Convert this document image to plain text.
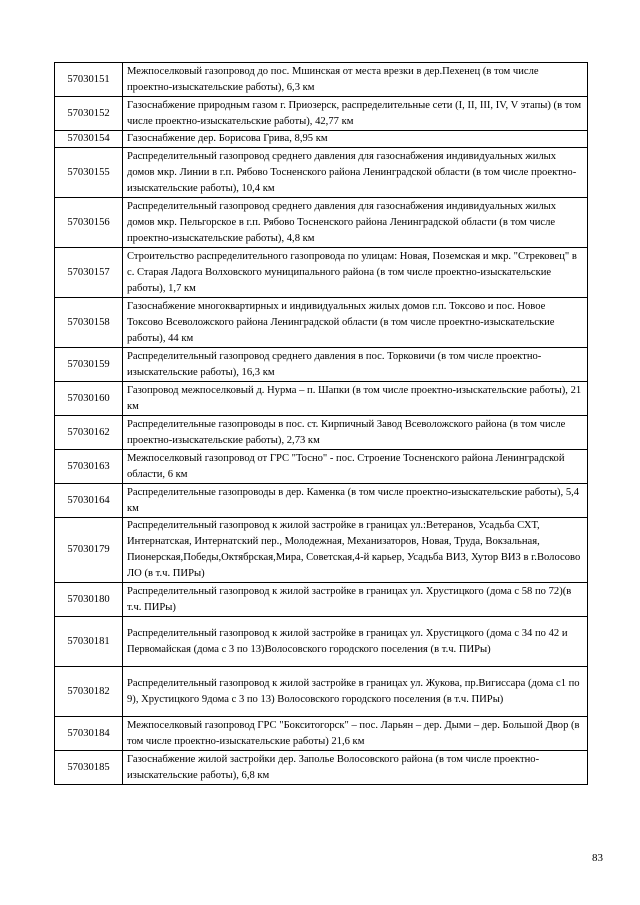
57030151	Межпоселковый газопровод до пос. Мшинская от места врезки в дер.Пехенец (в том числе проектно-изыскательские работы), 6,3 км
57030152	Газоснабжение природным газом г. Приозерск, распределительные сети (I, II, III, IV, V этапы) (в том числе проектно-изыскательские работы), 42,77 км
57030154	Газоснабжение дер. Борисова Грива, 8,95 км
57030155	Распределительный газопровод среднего давления для газоснабжения индивидуальных жилых домов мкр. Линии в г.п. Рябово Тосненского района Ленинградской области (в том числе проектно-изыскательские работы), 10,4 км
57030156	Распределительный газопровод среднего давления для газоснабжения индивидуальных жилых домов мкр. Пельгорское в г.п. Рябово Тосненского района Ленинградской области (в том числе проектно-изыскательские работы), 4,8 км
57030157	Строительство распределительного газопровода по улицам: Новая, Поземская и мкр. "Стрековец" в с. Старая Ладога Волховского муниципального района (в том числе проектно-изыскательские работы), 1,7 км
57030158	Газоснабжение многоквартирных и индивидуальных жилых домов г.п. Токсово и пос. Новое Токсово Всеволожского района Ленинградской области (в том числе проектно-изыскательские работы), 44 км
57030159	Распределительный газопровод среднего давления в пос. Торковичи (в том числе проектно-изыскательские работы), 16,3 км
57030160	Газопровод межпоселковый д. Нурма – п. Шапки (в том числе проектно-изыскательские работы), 21 км
57030162	Распределительные газопроводы в пос. ст. Кирпичный Завод Всеволожского района (в том числе проектно-изыскательские работы), 2,73 км
57030163	Межпоселковый газопровод от ГРС "Тосно" - пос. Строение Тосненского района Ленинградской области, 6 км
57030164	Распределительные газопроводы в дер. Каменка (в том числе проектно-изыскательские работы), 5,4 км
57030179	Распределительный газопровод к жилой застройке в границах ул.:Ветеранов, Усадьба СХТ, Интернатская, Интернатский пер., Молодежная, Механизаторов, Новая, Труда, Вокзальная, Пионерская,Победы,Октябрская,Мира, Советская,4-й карьер, Усадьба ВИЗ, Хутор ВИЗ в г.Волосово ЛО (в т.ч. ПИРы)
57030180	Распределительный газопровод к жилой застройке в границах ул. Хрустицкого (дома с 58 по 72)(в т.ч. ПИРы)
57030181	Распределительный газопровод к жилой застройке в границах ул. Хрустицкого (дома с 34 по 42 и Первомайская (дома с 3 по 13)Волосовского городского поселения (в т.ч. ПИРы)
57030182	Распределительный газопровод к жилой застройке в границах ул. Жукова, пр.Вигиссара (дома с1 по 9), Хрустицкого 9дома с 3 по 13) Волосовского городского поселения (в т.ч. ПИРы)
57030184	Межпоселковый газопровод ГРС "Бокситогорск" – пос. Ларьян – дер. Дыми – дер. Большой Двор (в том числе проектно-изыскательские работы) 21,6 км
57030185	Газоснабжение жилой застройки дер. Заполье Волосовского района (в том числе проектно-изыскательские работы), 6,8 км
83
